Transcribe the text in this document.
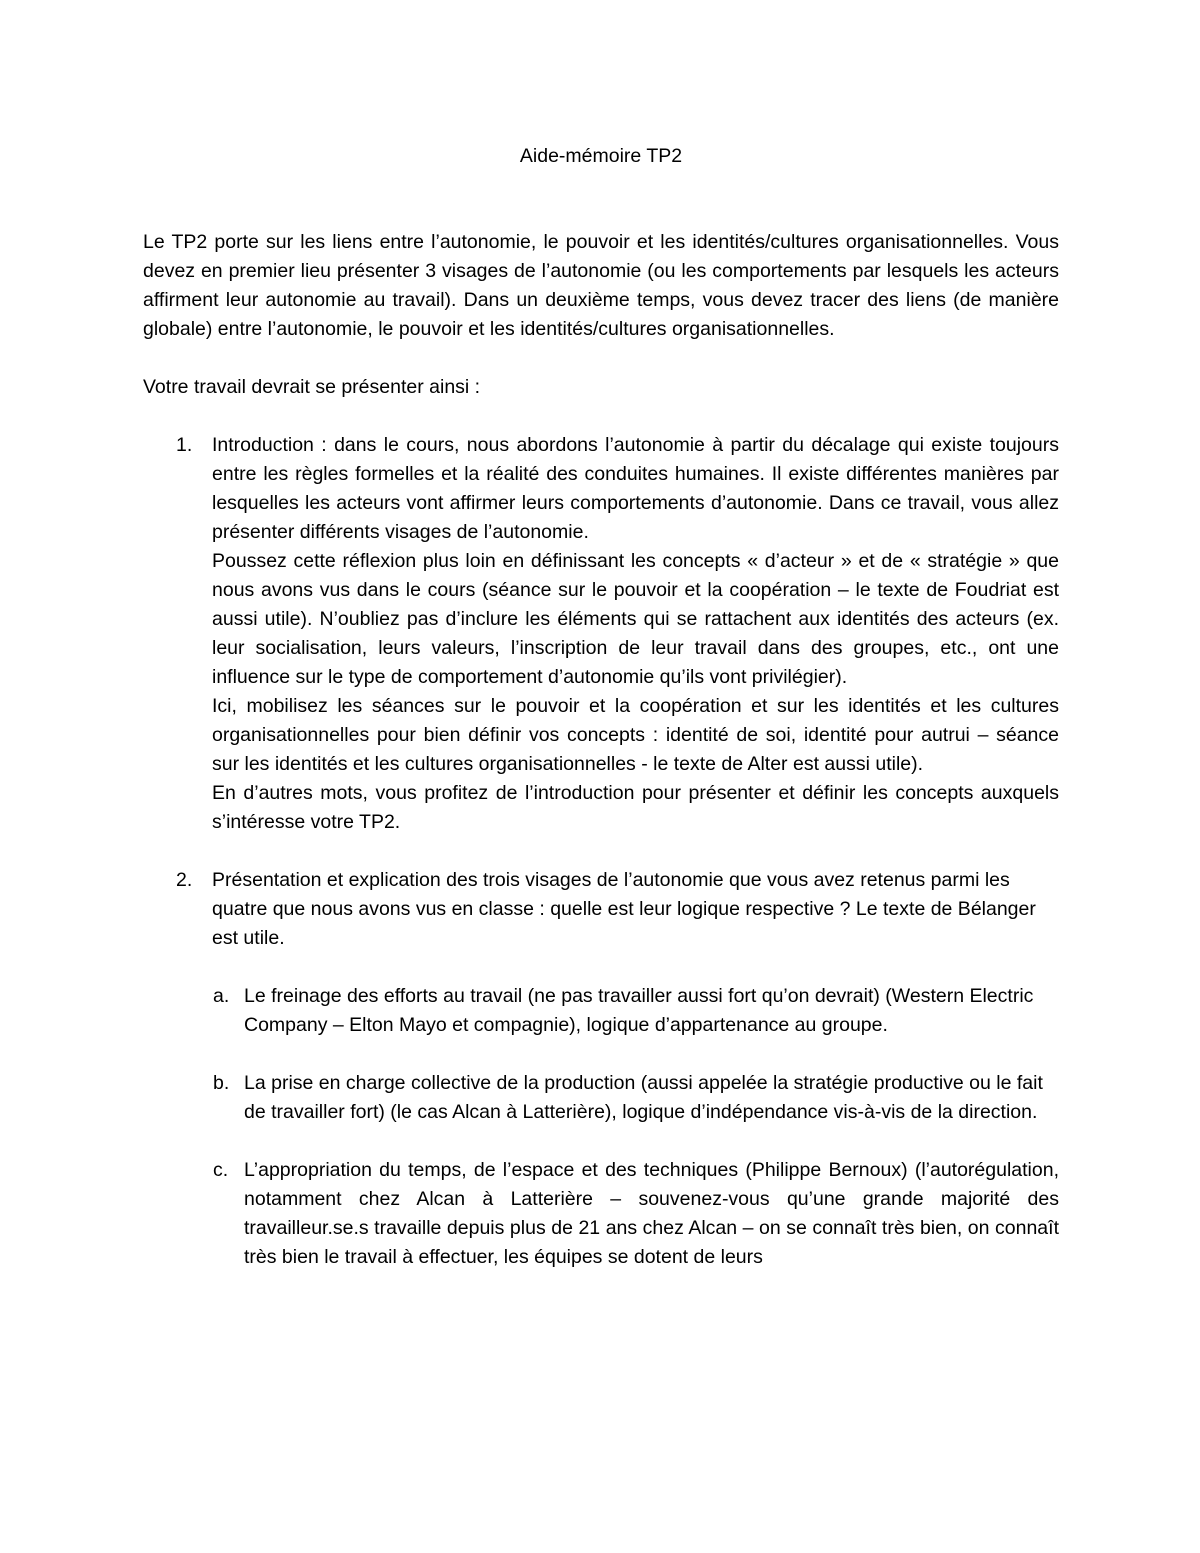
Aide-mémoire TP2

Le TP2 porte sur les liens entre l’autonomie, le pouvoir et les identités/cultures organisationnelles. Vous devez en premier lieu présenter 3 visages de l’autonomie (ou les comportements par lesquels les acteurs affirment leur autonomie au travail). Dans un deuxième temps, vous devez tracer des liens (de manière globale) entre l’autonomie, le pouvoir et les identités/cultures organisationnelles.

Votre travail devrait se présenter ainsi :

1. Introduction : dans le cours, nous abordons l’autonomie à partir du décalage qui existe toujours entre les règles formelles et la réalité des conduites humaines. Il existe différentes manières par lesquelles les acteurs vont affirmer leurs comportements d’autonomie. Dans ce travail, vous allez présenter différents visages de l’autonomie.

Poussez cette réflexion plus loin en définissant les concepts « d’acteur » et de « stratégie » que nous avons vus dans le cours (séance sur le pouvoir et la coopération – le texte de Foudriat est aussi utile). N’oubliez pas d’inclure les éléments qui se rattachent aux identités des acteurs (ex. leur socialisation, leurs valeurs, l’inscription de leur travail dans des groupes, etc., ont une influence sur le type de comportement d’autonomie qu’ils vont privilégier).

Ici, mobilisez les séances sur le pouvoir et la coopération et sur les identités et les cultures organisationnelles pour bien définir vos concepts : identité de soi, identité pour autrui – séance sur les identités et les cultures organisationnelles - le texte de Alter est aussi utile).

En d’autres mots, vous profitez de l’introduction pour présenter et définir les concepts auxquels s’intéresse votre TP2.

2. Présentation et explication des trois visages de l’autonomie que vous avez retenus parmi les quatre que nous avons vus en classe : quelle est leur logique respective ? Le texte de Bélanger est utile.

a. Le freinage des efforts au travail (ne pas travailler aussi fort qu’on devrait) (Western Electric Company – Elton Mayo et compagnie), logique d’appartenance au groupe.

b. La prise en charge collective de la production (aussi appelée la stratégie productive ou le fait de travailler fort) (le cas Alcan à Latterière), logique d’indépendance vis-à-vis de la direction.

c. L’appropriation du temps, de l’espace et des techniques (Philippe Bernoux) (l’autorégulation, notamment chez Alcan à Latterière – souvenez-vous qu’une grande majorité des travailleur.se.s travaille depuis plus de 21 ans chez Alcan – on se connaît très bien, on connaît très bien le travail à effectuer, les équipes se dotent de leurs
